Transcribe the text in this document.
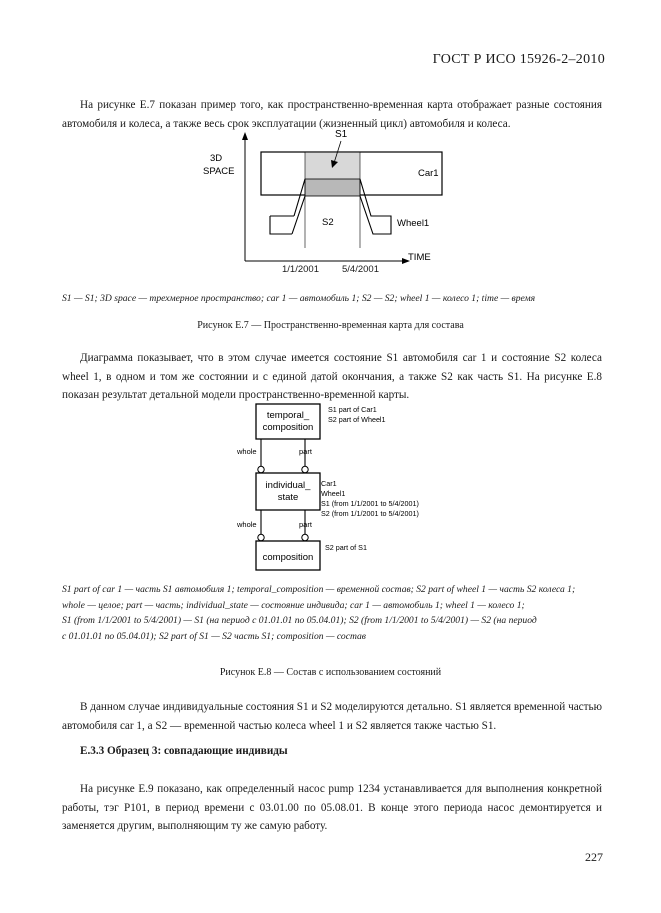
ГОСТ Р ИСО 15926-2–2010

На рисунке Е.7 показан пример того, как пространственно-временная карта отображает разные состояния автомобиля и колеса, а также весь срок эксплуатации (жизненный цикл) автомобиля и колеса.

S1
3D
SPACE	Car1
S2	Wheel1
TIME
1/1/2001 5/4/2001

S1 — S1; 3D space — трехмерное пространство; car 1 — автомобиль 1; S2 — S2; wheel 1 — колесо 1; time — время

Рисунок Е.7 — Пространственно-временная карта для состава

Диаграмма показывает, что в этом случае имеется состояние S1 автомобиля car 1 и состояние S2 колеса wheel 1, в одном и том же состоянии и с единой датой окончания, а также S2 как часть S1. На рисунке Е.8 показан результат детальной модели пространственно-временной карты.

temporal_
composition
individual_
state
composition
whole	part
whole	part
S1 part of Car1
S2 part of Wheel1
Car1
Wheel1
S1 (from 1/1/2001 to 5/4/2001)
S2 (from 1/1/2001 to 5/4/2001)
S2 part of S1
S1 part of car 1 — часть S1 автомобиля 1; temporal_composition — временной состав; S2 part of wheel 1 — часть S2 колеса 1;
whole — целое; part — часть; individual_state — состояние индивида; car 1 — автомобиль 1; wheel 1 — колесо 1;
S1 (from 1/1/2001 to 5/4/2001) — S1 (на период с 01.01.01 по 05.04.01); S2 (from 1/1/2001 to 5/4/2001) — S2 (на период
с 01.01.01 по 05.04.01); S2 part of S1 — S2 часть S1; composition — состав
Рисунок Е.8 — Состав с использованием состояний

В данном случае индивидуальные состояния S1 и S2 моделируются детально. S1 является временной частью автомобиля car 1, а S2 — временной частью колеса wheel 1 и S2 является также частью S1.

Е.3.3 Образец 3: совпадающие индивиды

На рисунке Е.9 показано, как определенный насос pump 1234 устанавливается для выполнения конкретной работы, тэг P101, в период времени с 03.01.00 по 05.08.01. В конце этого периода насос демонтируется и заменяется другим, выполняющим ту же самую работу.

227
